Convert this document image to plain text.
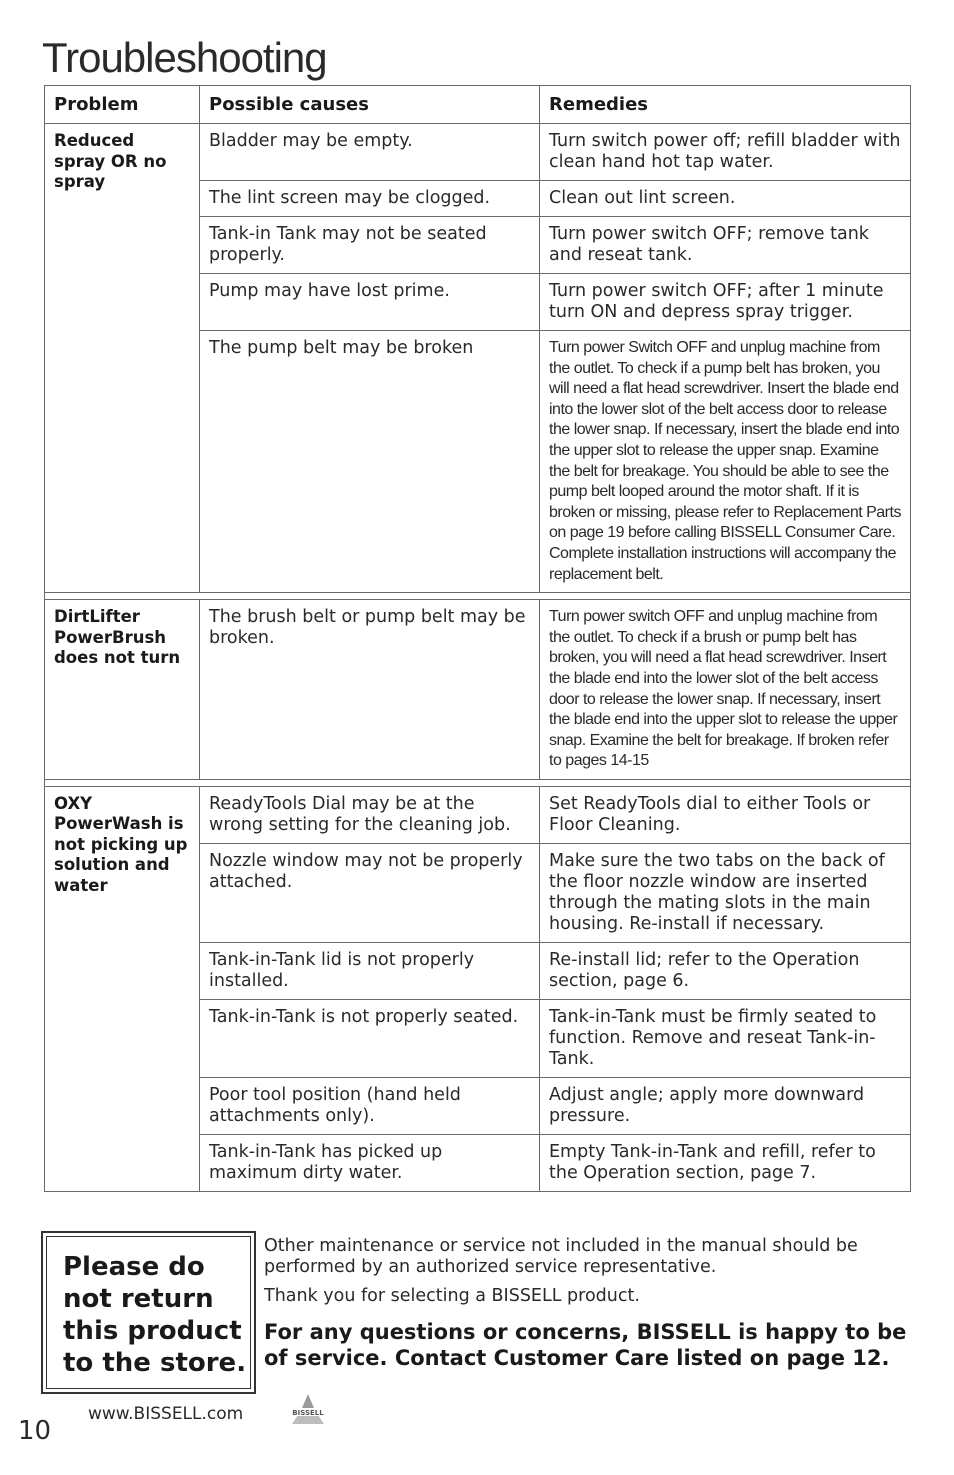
Troubleshooting
Problem	Possible causes	Remedies
Reduced spray OR no spray	Bladder may be empty.	Turn switch power off; refill bladder with clean hand hot tap water.
	The lint screen may be clogged.	Clean out lint screen.
	Tank-in Tank may not be seated properly.	Turn power switch OFF; remove tank and reseat tank.
	Pump may have lost prime.	Turn power switch OFF; after 1 minute turn ON and depress spray trigger.
	The pump belt may be broken	Turn power Switch OFF and unplug machine from the outlet. To check if a pump belt has broken, you will need a flat head screwdriver. Insert the blade end into the lower slot of the belt access door to release the lower snap. If necessary, insert the blade end into the upper slot to release the upper snap. Examine the belt for breakage. You should be able to see the pump belt looped around the motor shaft. If it is broken or missing, please refer to Replacement Parts on page 19 before calling BISSELL Consumer Care. Complete installation instructions will accompany the replacement belt.

DirtLifter PowerBrush does not turn	The brush belt or pump belt may be broken.	Turn power switch OFF and unplug machine from the outlet. To check if a brush or pump belt has broken, you will need a flat head screwdriver. Insert the blade end into the lower slot of the belt access door to release the lower snap. If necessary, insert the blade end into the upper slot to release the upper snap. Examine the belt for breakage. If broken refer to pages 14-15

OXY PowerWash is not picking up solution and water	ReadyTools Dial may be at the wrong setting for the cleaning job.	Set ReadyTools dial to either Tools or Floor Cleaning.
	Nozzle window may not be properly attached.	Make sure the two tabs on the back of the floor nozzle window are inserted through the mating slots in the main housing. Re-install if necessary.
	Tank-in-Tank lid is not properly installed.	Re-install lid; refer to the Operation section, page 6.
	Tank-in-Tank is not properly seated.	Tank-in-Tank must be firmly seated to function. Remove and reseat Tank-in-Tank.
	Poor tool position (hand held attachments only).	Adjust angle; apply more downward pressure.
	Tank-in-Tank has picked up maximum dirty water.	Empty Tank-in-Tank and refill, refer to the Operation section, page 7.
Please do not return this product to the store.

Other maintenance or service not included in the manual should be performed by an authorized service representative.

Thank you for selecting a BISSELL product.

For any questions or concerns, BISSELL is happy to be of service. Contact Customer Care listed on page 12.

10
www.BISSELL.com	BISSELL
